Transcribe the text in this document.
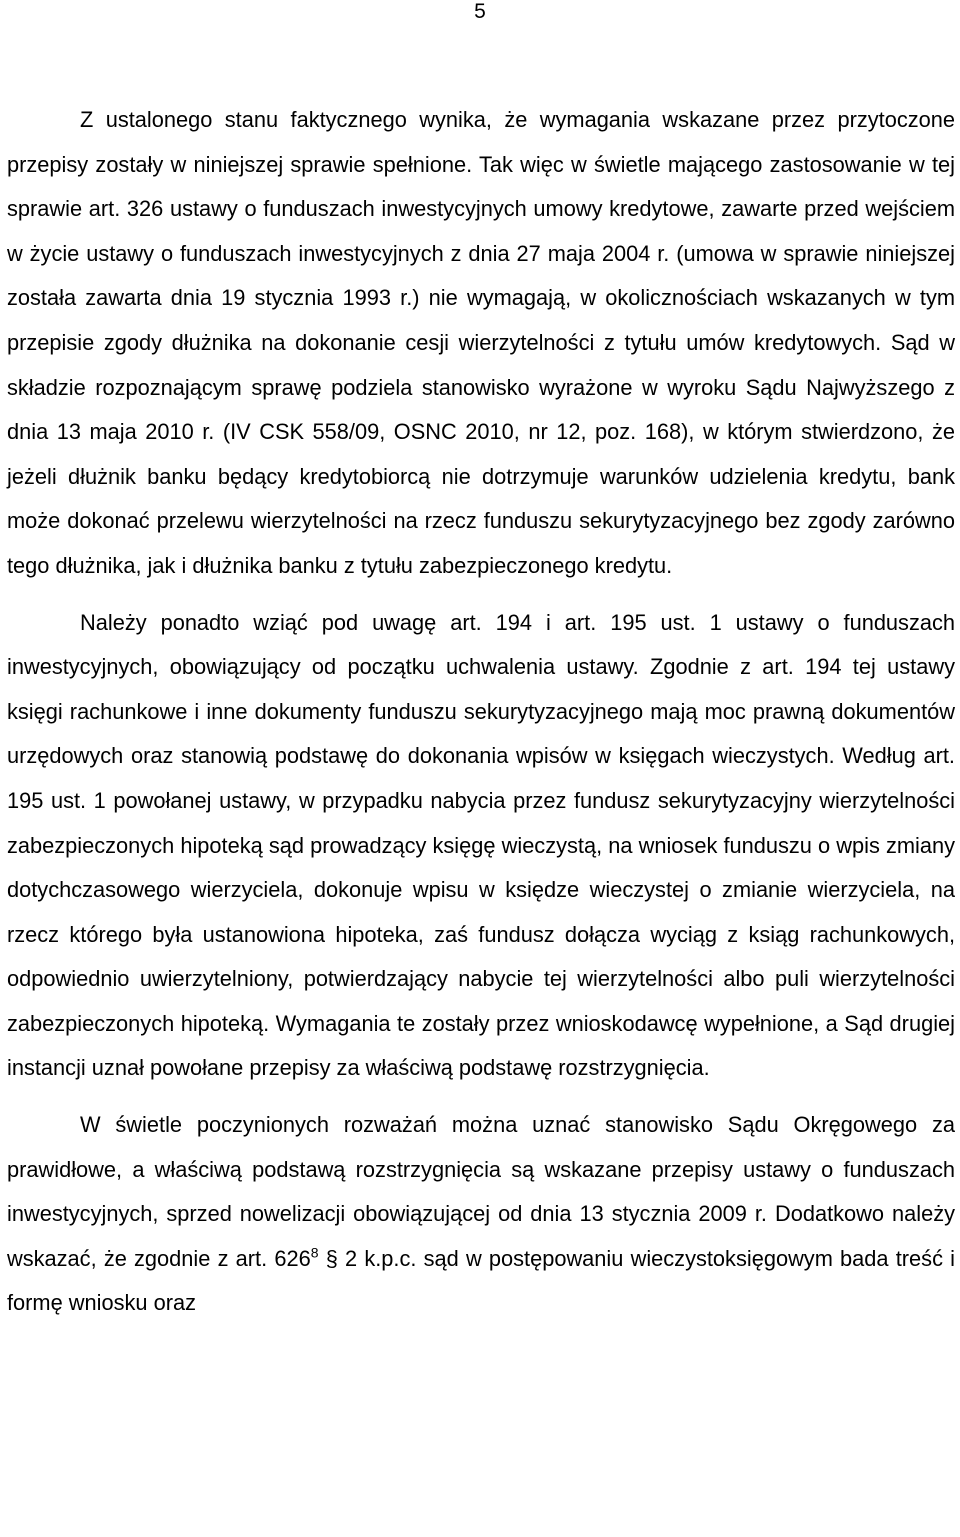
5

Z ustalonego stanu faktycznego wynika, że wymagania wskazane przez przytoczone przepisy zostały w niniejszej sprawie spełnione. Tak więc w świetle mającego zastosowanie w tej sprawie art. 326 ustawy o funduszach inwestycyjnych umowy kredytowe, zawarte przed wejściem w życie ustawy o funduszach inwestycyjnych z dnia 27 maja 2004 r. (umowa w sprawie niniejszej została zawarta dnia 19 stycznia 1993 r.) nie wymagają, w okolicznościach wskazanych w tym przepisie zgody dłużnika na dokonanie cesji wierzytelności z tytułu umów kredytowych. Sąd w składzie rozpoznającym sprawę podziela stanowisko wyrażone w wyroku Sądu Najwyższego z dnia 13 maja 2010 r. (IV CSK 558/09, OSNC 2010, nr 12, poz. 168), w którym stwierdzono, że jeżeli dłużnik banku będący kredytobiorcą nie dotrzymuje warunków udzielenia kredytu, bank może dokonać przelewu wierzytelności na rzecz funduszu sekurytyzacyjnego bez zgody zarówno tego dłużnika, jak i dłużnika banku z tytułu zabezpieczonego kredytu.

Należy ponadto wziąć pod uwagę art. 194 i art. 195 ust. 1 ustawy o funduszach inwestycyjnych, obowiązujący od początku uchwalenia ustawy. Zgodnie z art. 194 tej ustawy księgi rachunkowe i inne dokumenty funduszu sekurytyzacyjnego mają moc prawną dokumentów urzędowych oraz stanowią podstawę do dokonania wpisów w księgach wieczystych. Według art. 195 ust. 1 powołanej ustawy, w przypadku nabycia przez fundusz sekurytyzacyjny wierzytelności zabezpieczonych hipoteką sąd prowadzący księgę wieczystą, na wniosek funduszu o wpis zmiany dotychczasowego wierzyciela, dokonuje wpisu w księdze wieczystej o zmianie wierzyciela, na rzecz którego była ustanowiona hipoteka, zaś fundusz dołącza wyciąg z ksiąg rachunkowych, odpowiednio uwierzytelniony, potwierdzający nabycie tej wierzytelności albo puli wierzytelności zabezpieczonych hipoteką. Wymagania te zostały przez wnioskodawcę wypełnione, a Sąd drugiej instancji uznał powołane przepisy za właściwą podstawę rozstrzygnięcia.

W świetle poczynionych rozważań można uznać stanowisko Sądu Okręgowego za prawidłowe, a właściwą podstawą rozstrzygnięcia są wskazane przepisy ustawy o funduszach inwestycyjnych, sprzed nowelizacji obowiązującej od dnia 13 stycznia 2009 r. Dodatkowo należy wskazać, że zgodnie z art. $626^8$ § 2 k.p.c. sąd w postępowaniu wieczystoksięgowym bada treść i formę wniosku oraz
